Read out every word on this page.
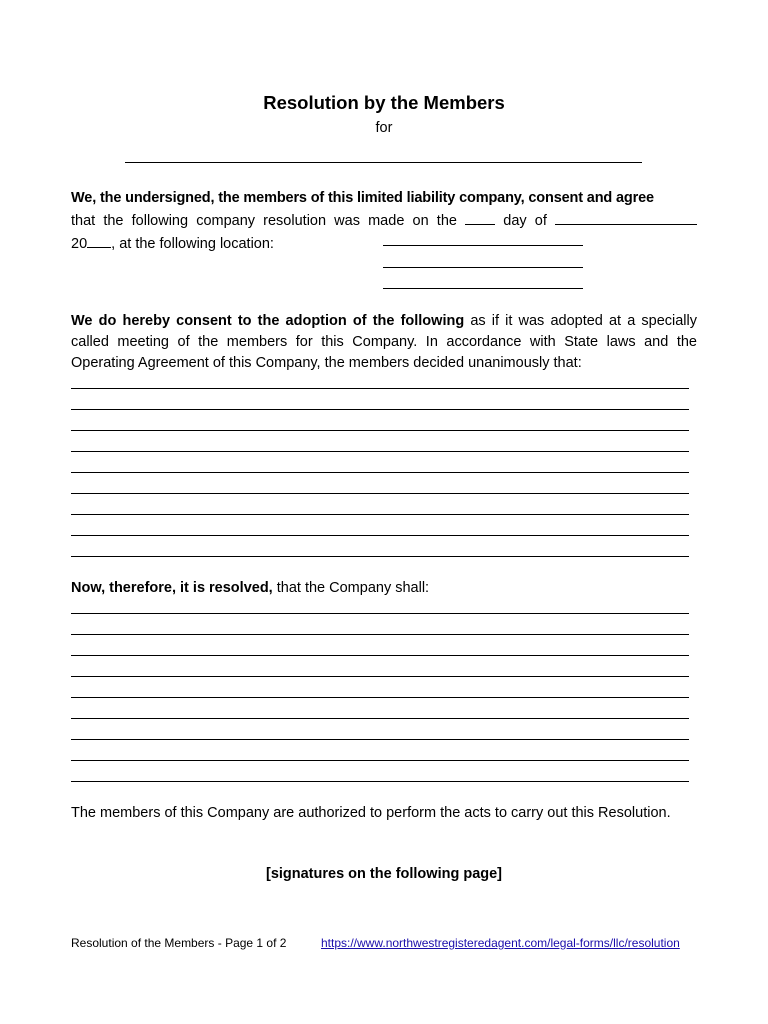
Resolution by the Members
for
We, the undersigned, the members of this limited liability company, consent and agree
that the following company resolution was made on the	day of
20 , at the following location:
We do hereby consent to the adoption of the following as if it was adopted at a specially
called meeting of the members for this Company. In accordance with State laws and the
Operating Agreement of this Company, the members decided unanimously that:
Now, therefore, it is resolved, that the Company shall:
The members of this Company are authorized to perform the acts to carry out this Resolution.
[signatures on the following page]
Resolution of the Members - Page 1 of 2	https://www.northwestregisteredagent.com/legal-forms/llc/resolution
